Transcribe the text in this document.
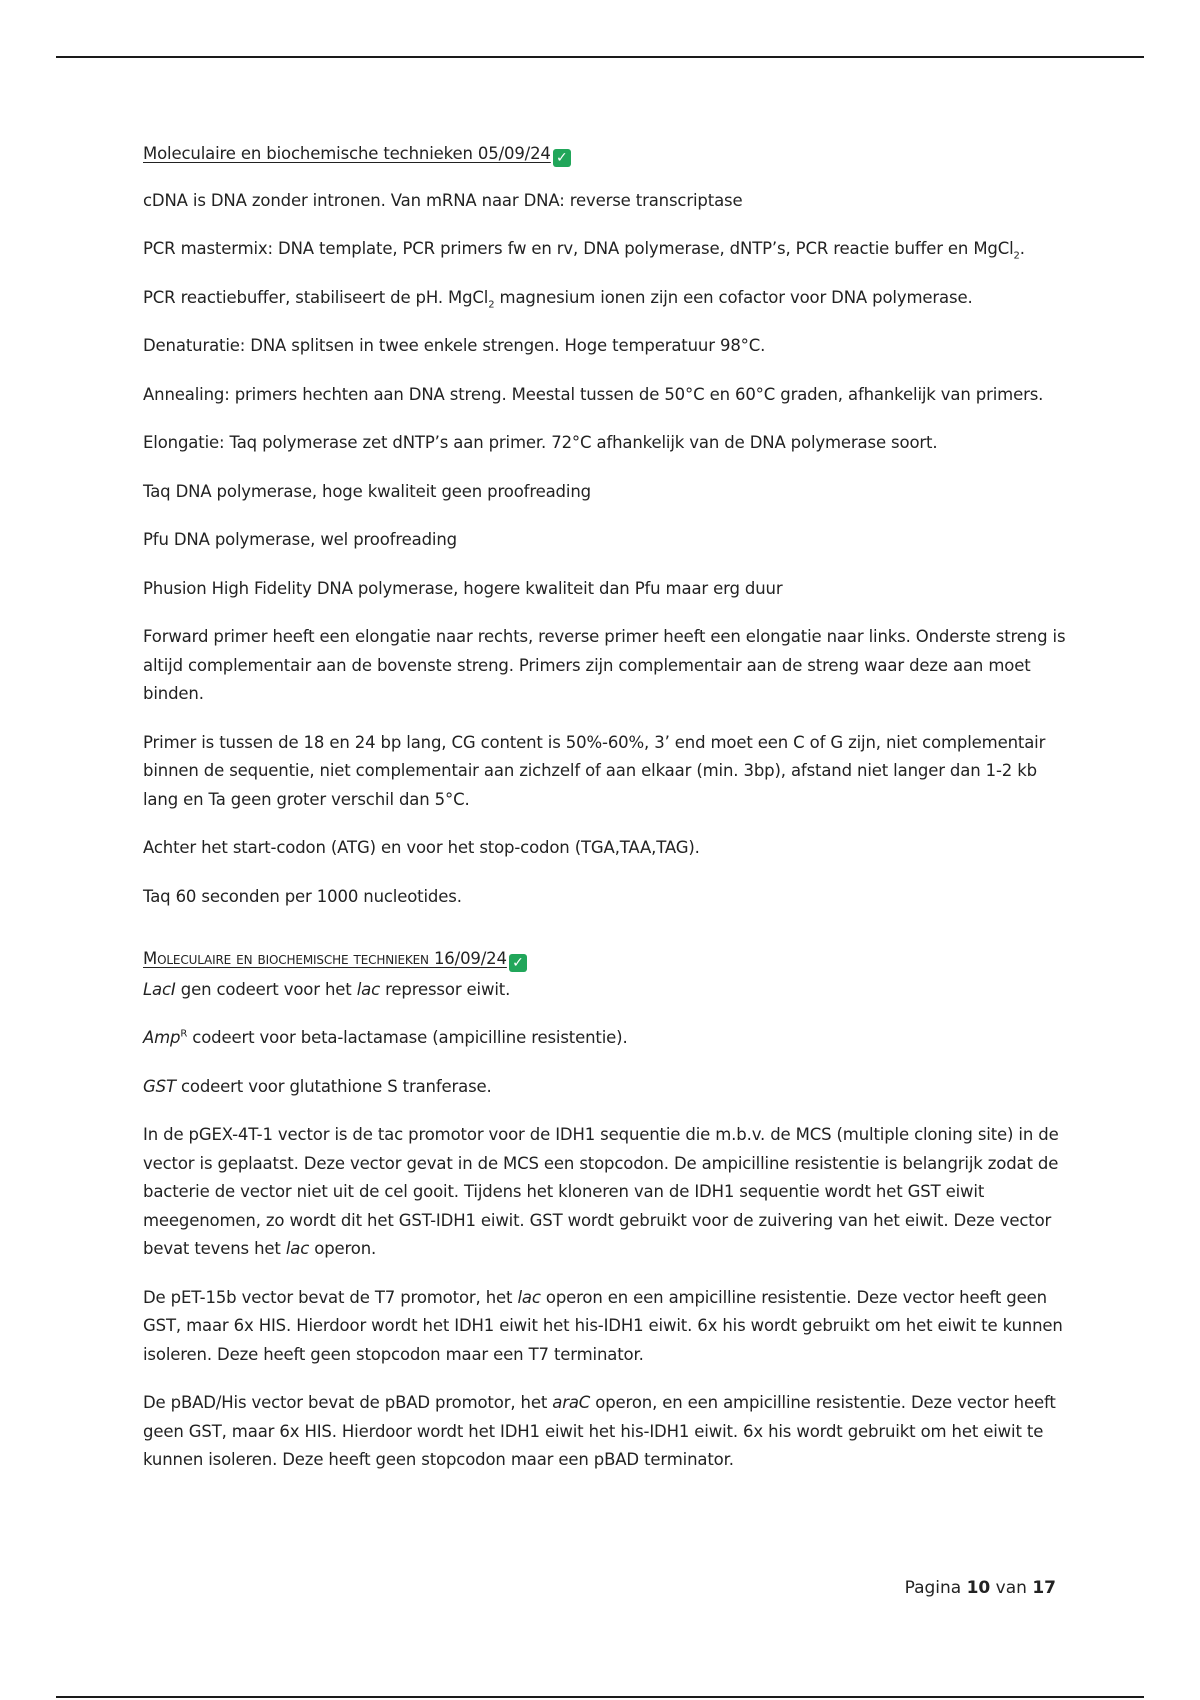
Moleculaire en biochemische technieken 05/09/24 ✓

cDNA is DNA zonder intronen. Van mRNA naar DNA: reverse transcriptase

PCR mastermix: DNA template, PCR primers fw en rv, DNA polymerase, dNTP’s, PCR reactie buffer en MgCl$_2$.

PCR reactiebuffer, stabiliseert de pH. MgCl$_2$ magnesium ionen zijn een cofactor voor DNA polymerase.

Denaturatie: DNA splitsen in twee enkele strengen. Hoge temperatuur 98°C.

Annealing: primers hechten aan DNA streng. Meestal tussen de 50°C en 60°C graden, afhankelijk van primers.

Elongatie: Taq polymerase zet dNTP’s aan primer. 72°C afhankelijk van de DNA polymerase soort.

Taq DNA polymerase, hoge kwaliteit geen proofreading

Pfu DNA polymerase, wel proofreading

Phusion High Fidelity DNA polymerase, hogere kwaliteit dan Pfu maar erg duur

Forward primer heeft een elongatie naar rechts, reverse primer heeft een elongatie naar links. Onderste streng is altijd complementair aan de bovenste streng. Primers zijn complementair aan de streng waar deze aan moet binden.

Primer is tussen de 18 en 24 bp lang, CG content is 50%-60%, 3’ end moet een C of G zijn, niet complementair binnen de sequentie, niet complementair aan zichzelf of aan elkaar (min. 3bp), afstand niet langer dan 1-2 kb lang en Ta geen groter verschil dan 5°C.

Achter het start-codon (ATG) en voor het stop-codon (TGA,TAA,TAG).

Taq 60 seconden per 1000 nucleotides.

Moleculaire en biochemische technieken 16/09/24 ✓

LacI gen codeert voor het lac repressor eiwit.

Amp$^R$ codeert voor beta-lactamase (ampicilline resistentie).

GST codeert voor glutathione S tranferase.

In de pGEX-4T-1 vector is de tac promotor voor de IDH1 sequentie die m.b.v. de MCS (multiple cloning site) in de vector is geplaatst. Deze vector gevat in de MCS een stopcodon. De ampicilline resistentie is belangrijk zodat de bacterie de vector niet uit de cel gooit. Tijdens het kloneren van de IDH1 sequentie wordt het GST eiwit meegenomen, zo wordt dit het GST-IDH1 eiwit. GST wordt gebruikt voor de zuivering van het eiwit. Deze vector bevat tevens het lac operon.

De pET-15b vector bevat de T7 promotor, het lac operon en een ampicilline resistentie. Deze vector heeft geen GST, maar 6x HIS. Hierdoor wordt het IDH1 eiwit het his-IDH1 eiwit. 6x his wordt gebruikt om het eiwit te kunnen isoleren. Deze heeft geen stopcodon maar een T7 terminator.

De pBAD/His vector bevat de pBAD promotor, het araC operon, en een ampicilline resistentie. Deze vector heeft geen GST, maar 6x HIS. Hierdoor wordt het IDH1 eiwit het his-IDH1 eiwit. 6x his wordt gebruikt om het eiwit te kunnen isoleren. Deze heeft geen stopcodon maar een pBAD terminator.

Pagina 10 van 17
